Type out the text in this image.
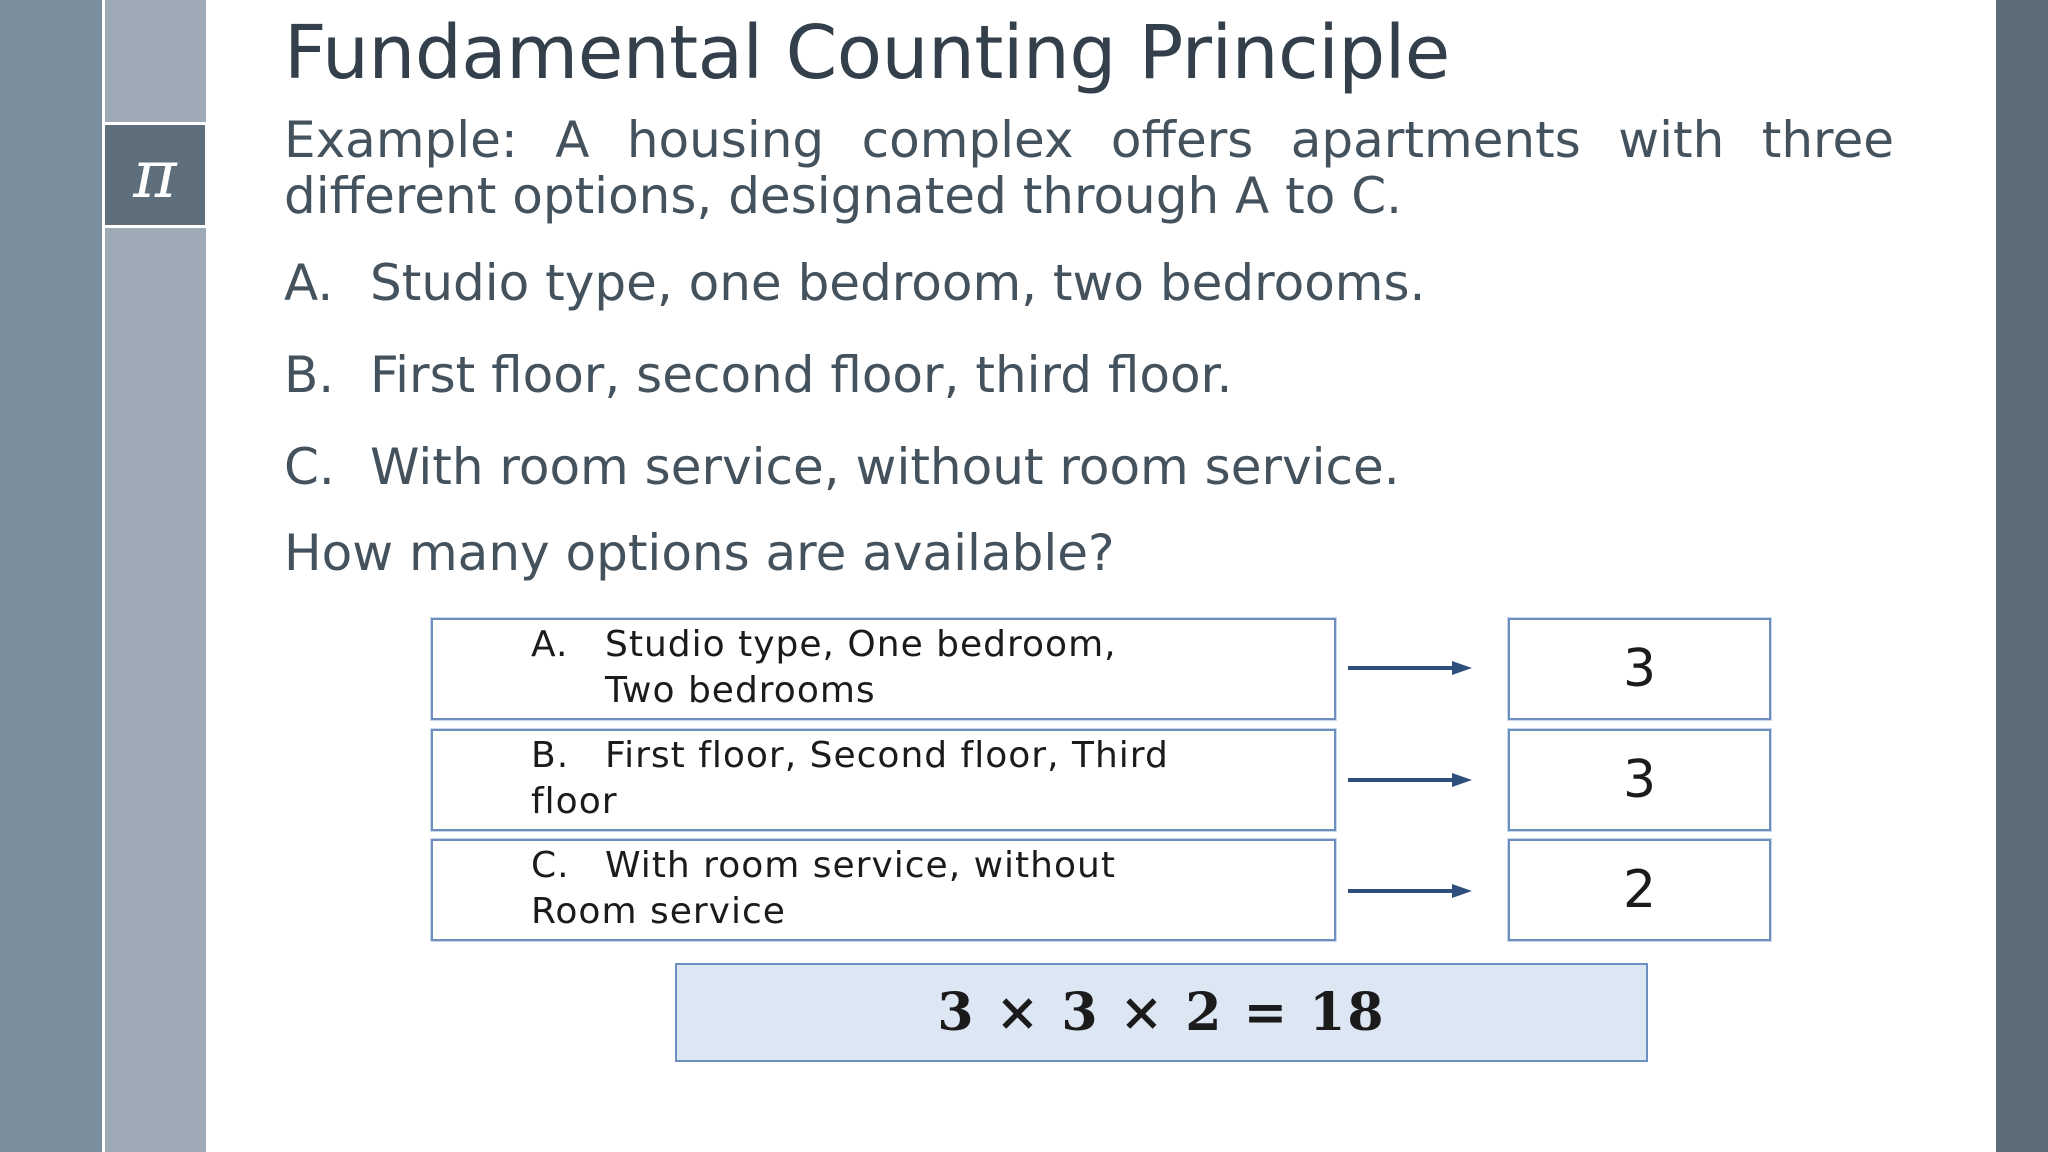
π
Fundamental Counting Principle
Example: A housing complex offers apartments with three different options, designated through A to C.
A. Studio type, one bedroom, two bedrooms.
B. First floor, second floor, third floor.
C. With room service, without room service.
How many options are available?
A. Studio type, One bedroom,
Two bedrooms	3
B. First floor, Second floor, Third
floor	3
C. With room service, without
Room service	2
3 × 3 × 2 = 18
